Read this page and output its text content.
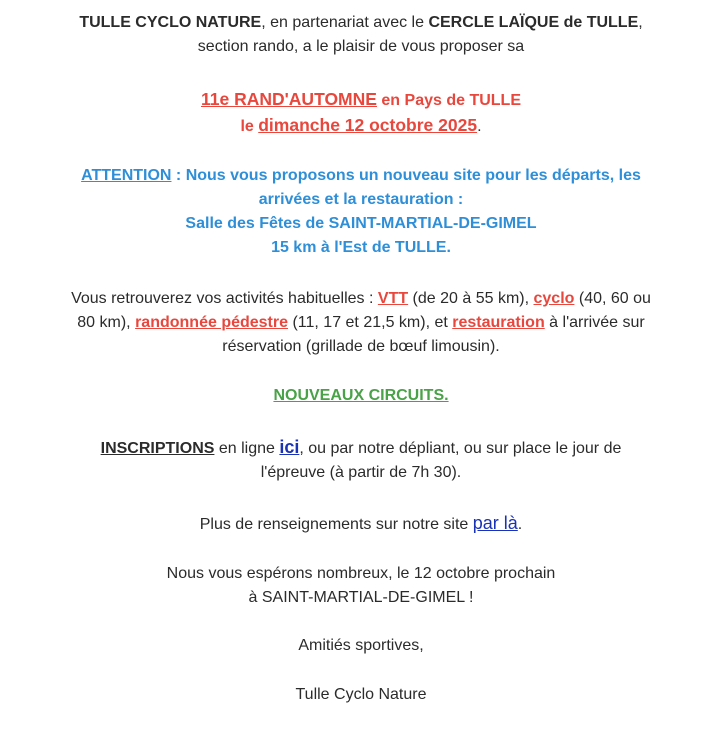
TULLE CYCLO NATURE, en partenariat avec le CERCLE LAÏQUE de TULLE,

section rando, a le plaisir de vous proposer sa

11e RAND'AUTOMNE en Pays de TULLE

le dimanche 12 octobre 2025.

ATTENTION : Nous vous proposons un nouveau site pour les départs, les

arrivées et la restauration :

Salle des Fêtes de SAINT-MARTIAL-DE-GIMEL

15 km à l'Est de TULLE.

Vous retrouverez vos activités habituelles : VTT (de 20 à 55 km), cyclo (40, 60 ou

80 km), randonnée pédestre (11, 17 et 21,5 km), et restauration à l'arrivée sur

réservation (grillade de bœuf limousin).

NOUVEAUX CIRCUITS.

INSCRIPTIONS en ligne ici, ou par notre dépliant, ou sur place le jour de

l'épreuve (à partir de 7h 30).

Plus de renseignements sur notre site par là.

Nous vous espérons nombreux, le 12 octobre prochain

à SAINT-MARTIAL-DE-GIMEL !

Amitiés sportives,

Tulle Cyclo Nature
